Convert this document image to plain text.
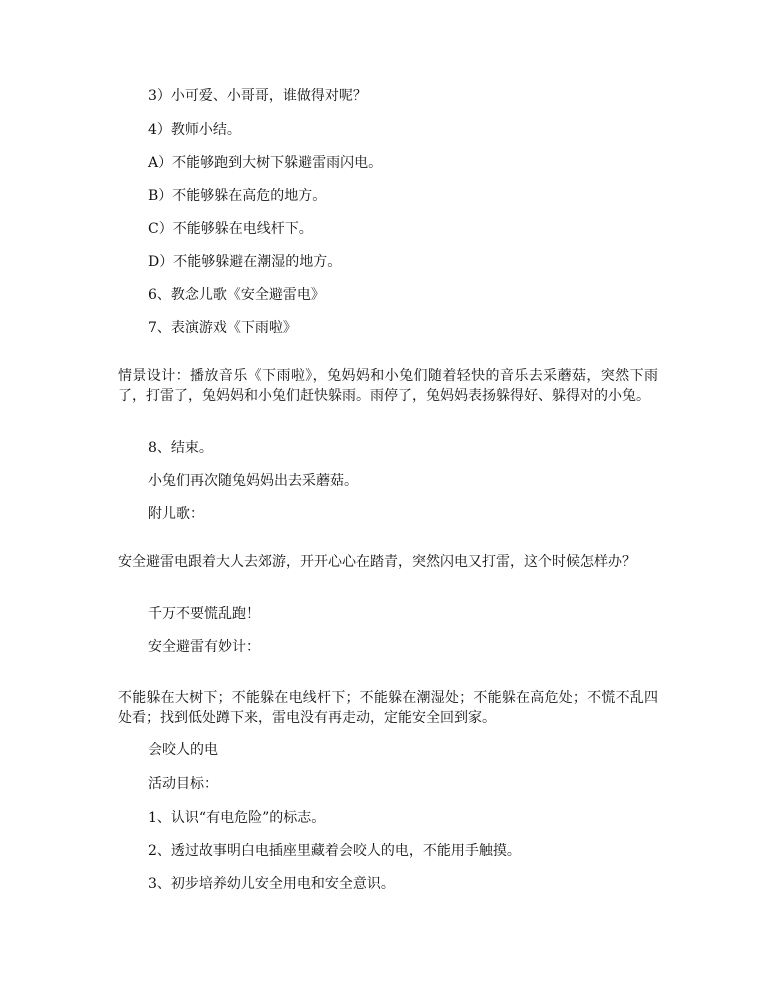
3）小可爱、小哥哥，谁做得对呢？
4）教师小结。
A）不能够跑到大树下躲避雷雨闪电。
B）不能够躲在高危的地方。
C）不能够躲在电线杆下。
D）不能够躲避在潮湿的地方。
6、教念儿歌《安全避雷电》
7、表演游戏《下雨啦》
情景设计：播放音乐《下雨啦》，兔妈妈和小兔们随着轻快的音乐去采蘑菇，突然下雨了，打雷了，兔妈妈和小兔们赶快躲雨。雨停了，兔妈妈表扬躲得好、躲得对的小兔。
8、结束。
小兔们再次随兔妈妈出去采蘑菇。
附儿歌：
安全避雷电跟着大人去郊游，开开心心在踏青，突然闪电又打雷，这个时候怎样办？
千万不要慌乱跑！
安全避雷有妙计：
不能躲在大树下；不能躲在电线杆下；不能躲在潮湿处；不能躲在高危处；不慌不乱四处看；找到低处蹲下来，雷电没有再走动，定能安全回到家。
会咬人的电
活动目标：
1、认识“有电危险”的标志。
2、透过故事明白电插座里藏着会咬人的电，不能用手触摸。
3、初步培养幼儿安全用电和安全意识。
